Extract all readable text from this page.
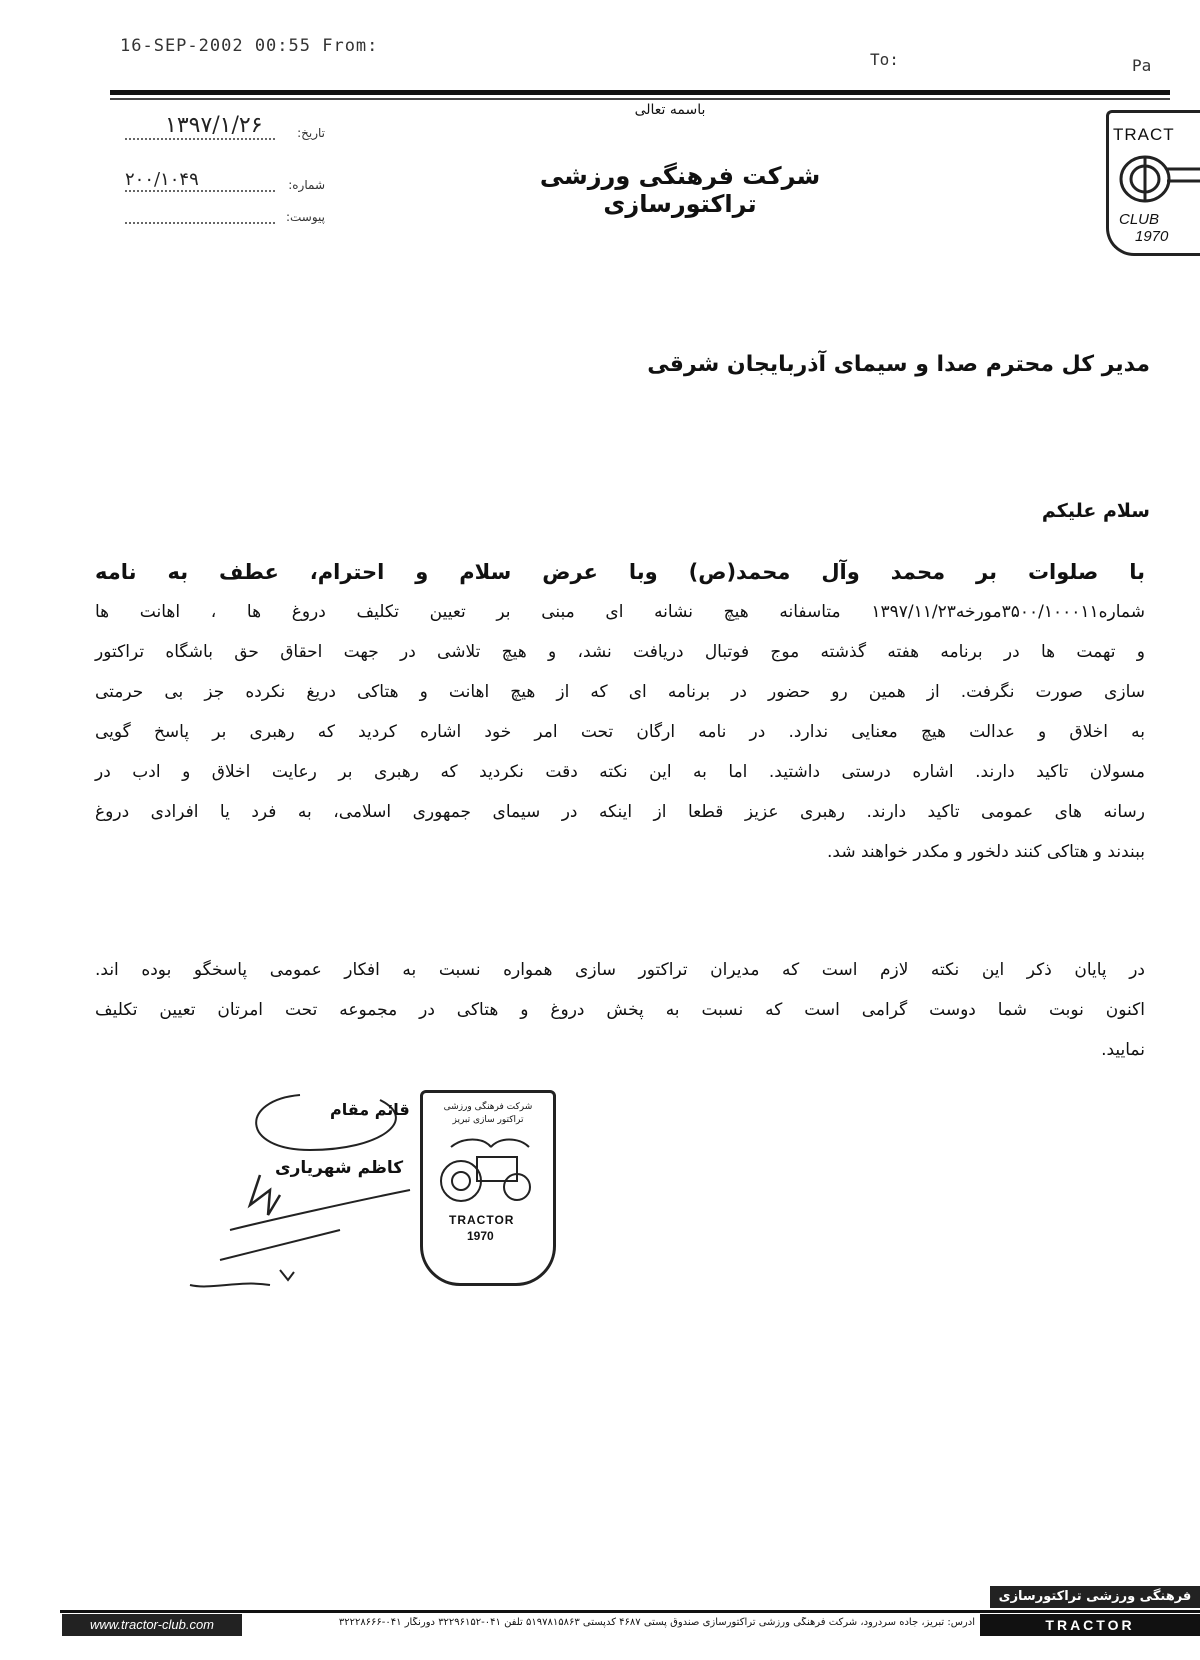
16-SEP-2002 00:55 From:
To:	Pa
باسمه تعالی
شرکت فرهنگی ورزشی تراکتورسازی
۱۳۹۷/۱/۲۶	تاریخ:
۲۰۰/۱۰۴۹	شماره:
پیوست:
TRACT
CLUB
1970
مدیر کل محترم صدا و سیمای آذربایجان شرقی
سلام علیکم
با صلوات بر محمد وآل محمد(ص) وبا عرض سلام و احترام، عطف به نامه
شماره۳۵۰۰/۱۰۰۰۱۱مورخه۱۳۹۷/۱۱/۲۳ متاسفانه هیچ نشانه ای مبنی بر تعیین تکلیف دروغ ها ، اهانت ها
و تهمت ها در برنامه هفته گذشته موج فوتبال دریافت نشد، و هیچ تلاشی در جهت احقاق حق باشگاه تراکتور
سازی صورت نگرفت. از همین رو حضور در برنامه ای که از هیچ اهانت و هتاکی دریغ نکرده جز بی حرمتی
به اخلاق و عدالت هیچ معنایی ندارد. در نامه ارگان تحت امر خود اشاره کردید که رهبری بر پاسخ گویی
مسولان تاکید دارند. اشاره درستی داشتید. اما به این نکته دقت نکردید که رهبری بر رعایت اخلاق و ادب در
رسانه های عمومی تاکید دارند. رهبری عزیز قطعا از اینکه در سیمای جمهوری اسلامی، به فرد یا افرادی دروغ
ببندند و هتاکی کنند دلخور و مکدر خواهند شد.
در پایان ذکر این نکته لازم است که مدیران تراکتور سازی همواره نسبت به افکار عمومی پاسخگو بوده اند.
اکنون نوبت شما دوست گرامی است که نسبت به پخش دروغ و هتاکی در مجموعه تحت امرتان تعیین تکلیف
نمایید.
قائم مقام
کاظم شهریاری
شرکت فرهنگی ورزشی
تراکتور سازی تبریز
TRACTOR
1970
فرهنگی ورزشی تراکتورسازی
www.tractor-club.com	آدرس: تبریز، جاده سردرود، شرکت فرهنگی ورزشی تراکتورسازی صندوق پستی ۴۶۸۷ کدپستی ۵۱۹۷۸۱۵۸۶۳ تلفن ۰۴۱-۳۲۲۹۶۱۵۲ دورنگار ۰۴۱-۳۲۲۲۸۶۶۶	TRACTOR
